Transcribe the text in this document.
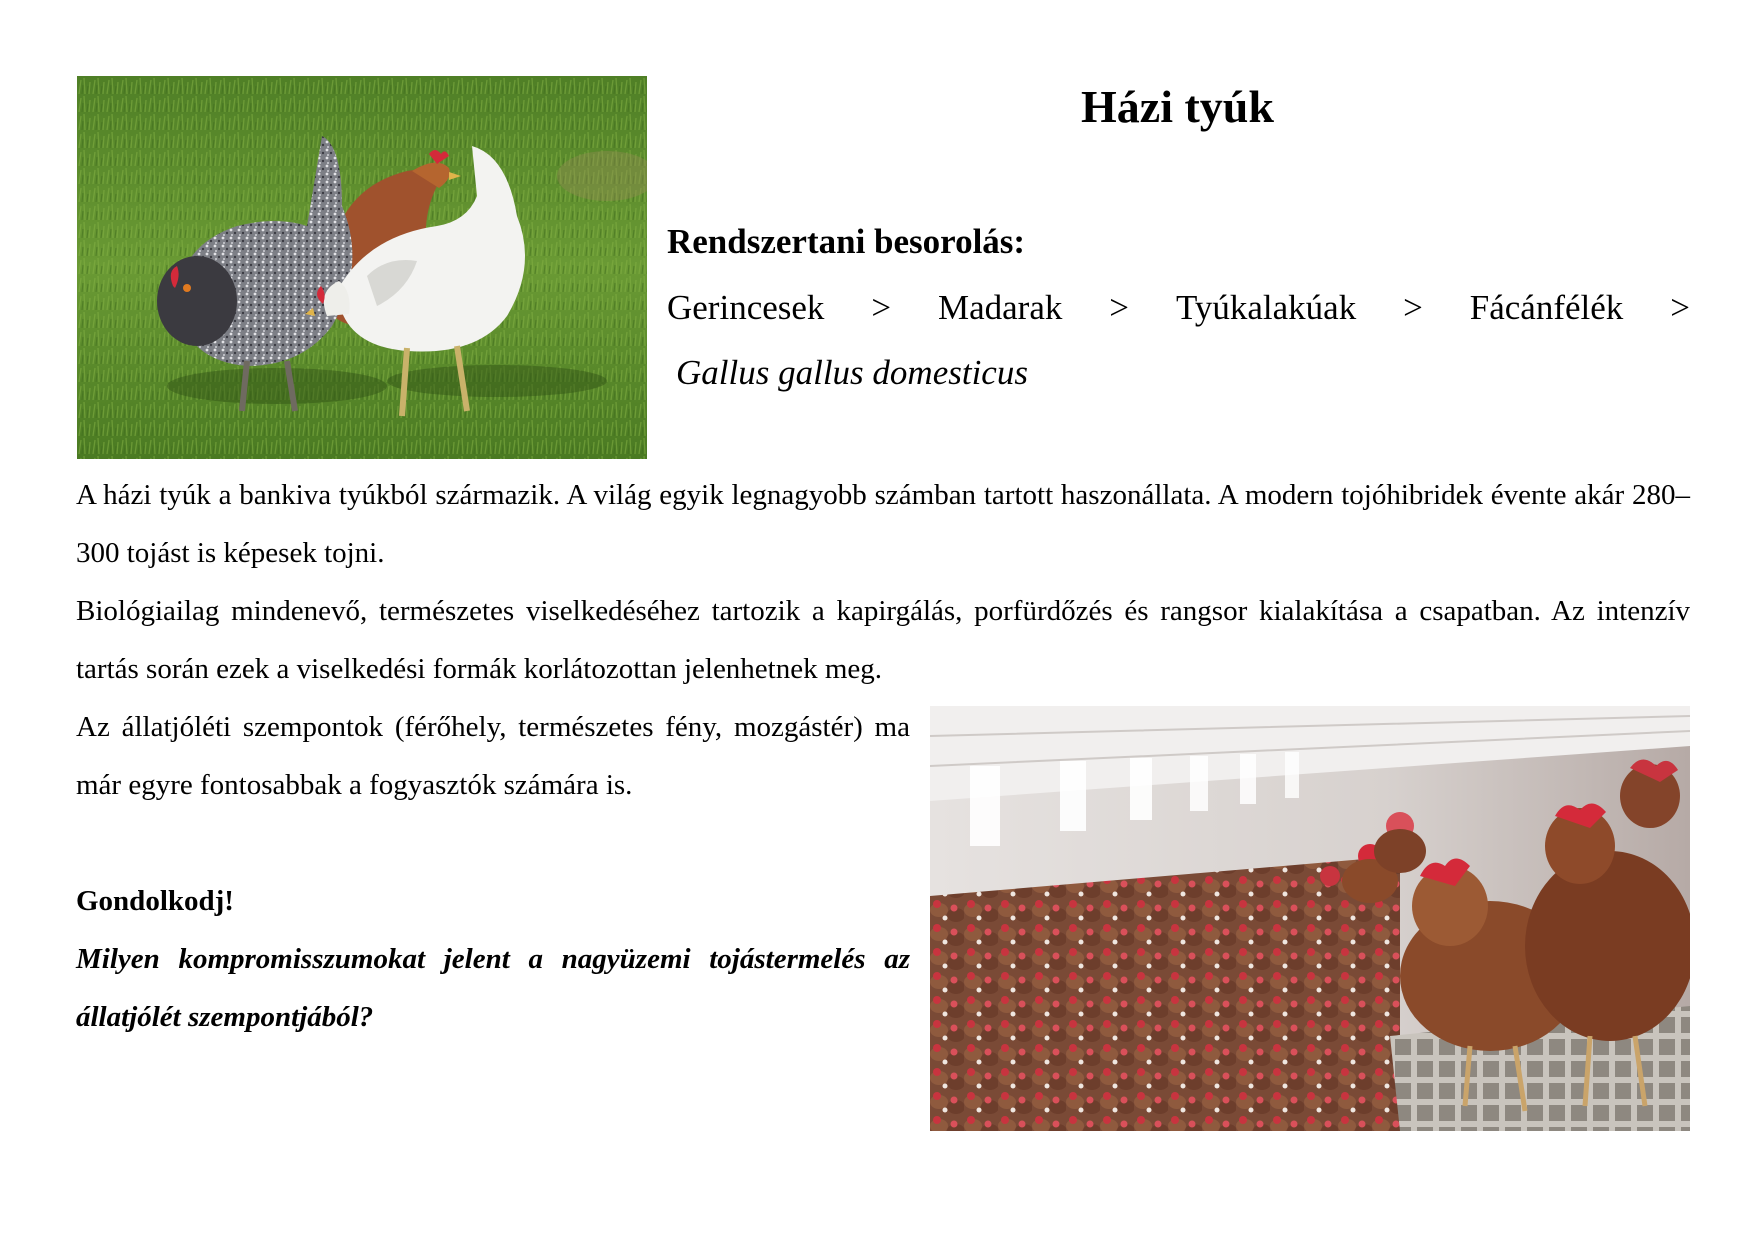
Házi tyúk
Rendszertani besorolás:
Gerincesek > Madarak > Tyúkalakúak > Fácánfélék >
Gallus gallus domesticus
A házi tyúk a bankiva tyúkból származik. A világ egyik legnagyobb számban tartott haszonállata. A modern tojóhibridek évente akár 280–300 tojást is képesek tojni.
Biológiailag mindenevő, természetes viselkedéséhez tartozik a kapirgálás, porfürdőzés és rangsor kialakítása a csapatban. Az intenzív tartás során ezek a viselkedési formák korlátozottan jelenhetnek meg.
Az állatjóléti szempontok (férőhely, természetes fény, mozgástér) ma már egyre fontosabbak a fogyasztók számára is.
Gondolkodj!
Milyen kompromisszumokat jelent a nagyüzemi tojástermelés az állatjólét szempontjából?
